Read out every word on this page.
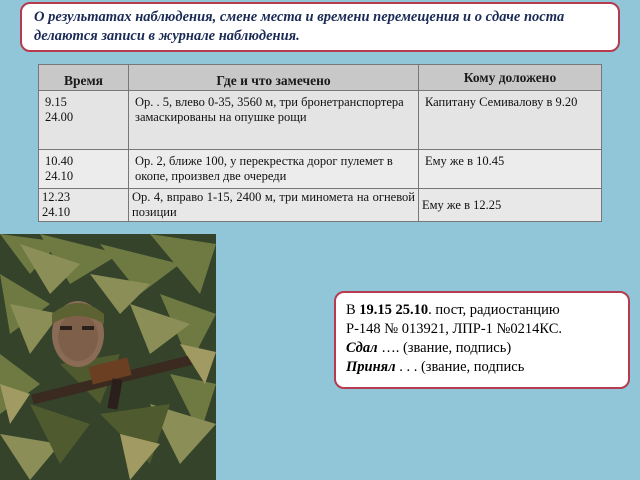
О результатах наблюдения, смене места и времени перемещения и о сдаче поста делаются записи в журнале наблюдения.
Время	Где и что замечено	Кому доложено

9.15
24.00	Ор. . 5, влево 0-35, 3560 м, три бронетранспортера замаскированы на опушке рощи	Капитану Семивалову в 9.20

10.40
24.10	Ор. 2, ближе 100, у перекрестка дорог пулемет в окопе, произвел две очереди	Ему же в 10.45

12.23
24.10	Ор. 4, вправо 1-15, 2400 м, три миномета на огневой позиции	Ему же в 12.25
В 19.15 25.10. пост, радиостанцию
Р-148 № 013921, ЛПР-1 №0214КС.
Сдал …. (звание, подпись)
Принял . . . (звание, подпись
